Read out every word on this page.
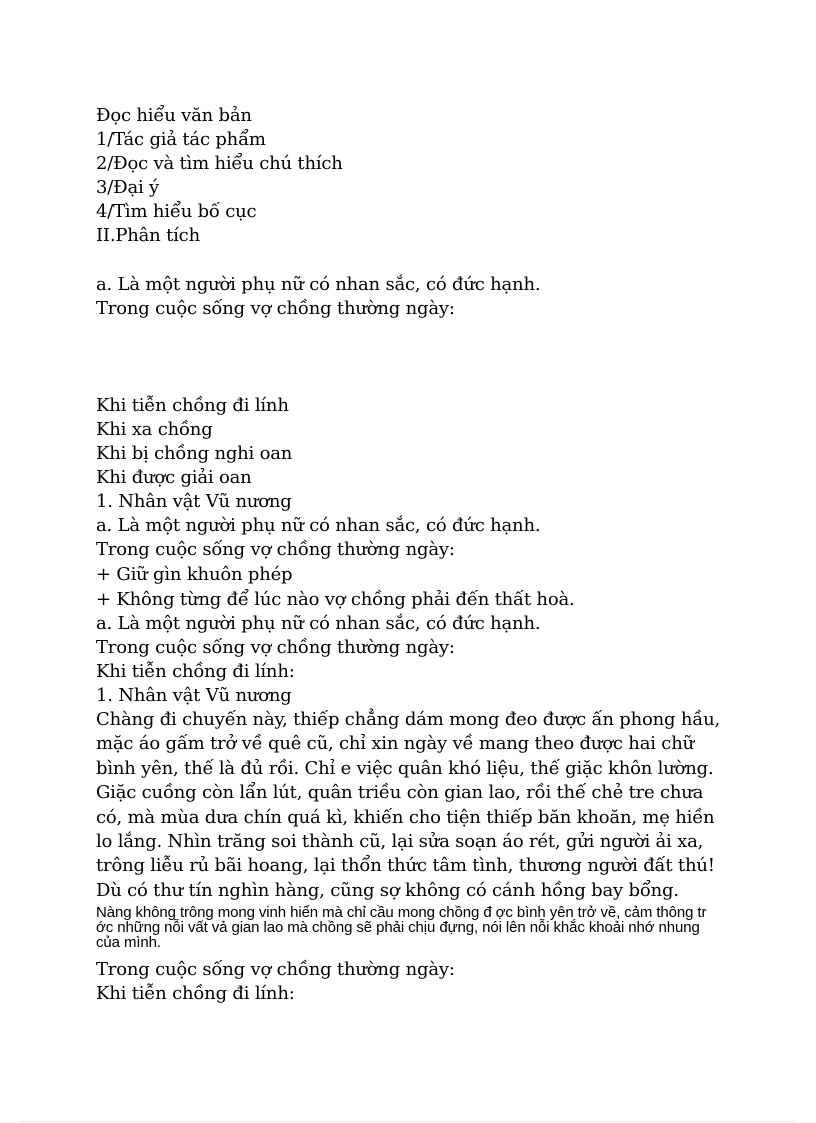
Đọc hiểu văn bản
1/Tác giả tác phẩm
2/Đọc và tìm hiểu chú thích
3/Đại ý
4/Tìm hiểu bố cục
II.Phân tích
a. Là một người phụ nữ có nhan sắc, có đức hạnh.
Trong cuộc sống vợ chồng thường ngày:
Khi tiễn chồng đi lính
Khi xa chồng
Khi bị chồng nghi oan
Khi được giải oan
1. Nhân vật Vũ nương
a. Là một người phụ nữ có nhan sắc, có đức hạnh.
Trong cuộc sống vợ chồng thường ngày:
+ Giữ gìn khuôn phép
+ Không từng để lúc nào vợ chồng phải đến thất hoà.
a. Là một người phụ nữ có nhan sắc, có đức hạnh.
Trong cuộc sống vợ chồng thường ngày:
Khi tiễn chồng đi lính:
1. Nhân vật Vũ nương
Chàng đi chuyến này, thiếp chẳng dám mong đeo được ấn phong hầu, mặc áo gấm trở về quê cũ, chỉ xin ngày về mang theo được hai chữ bình yên, thế là đủ rồi. Chỉ e việc quân khó liệu, thế giặc khôn lường. Giặc cuồng còn lẩn lút, quân triều còn gian lao, rồi thế chẻ tre chưa có, mà mùa dưa chín quá kì, khiến cho tiện thiếp băn khoăn, mẹ hiền lo lắng. Nhìn trăng soi thành cũ, lại sửa soạn áo rét, gửi người ải xa, trông liễu rủ bãi hoang, lại thổn thức tâm tình, thương người đất thú! Dù có thư tín nghìn hàng, cũng sợ không có cánh hồng bay bổng.
Nàng không trông mong vinh hiển mà chỉ cầu mong chồng đ ợc bình yên trở về, cảm thông tr ớc những nỗi vất vả gian lao mà chồng sẽ phải chịu đựng, nói lên nỗi khắc khoải nhớ nhung của mình.
Trong cuộc sống vợ chồng thường ngày:
Khi tiễn chồng đi lính:
